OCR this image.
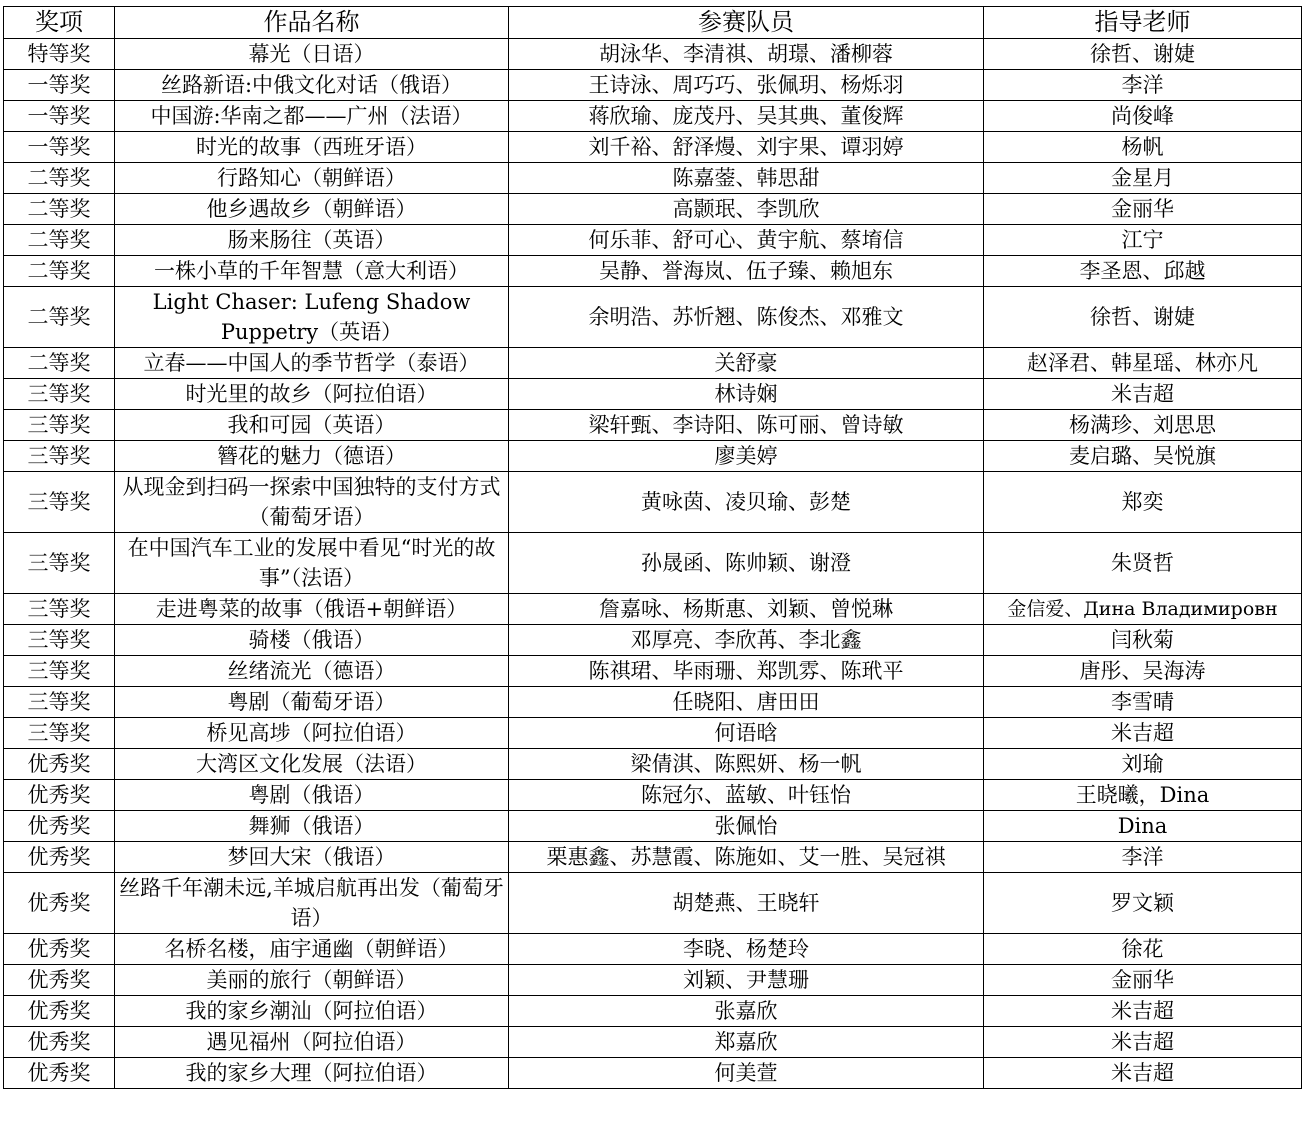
奖项	作品名称	参赛队员	指导老师
特等奖	幕光（日语）	胡泳华、李清祺、胡璟、潘柳蓉	徐哲、谢婕
一等奖	丝路新语:中俄文化对话（俄语）	王诗泳、周巧巧、张佩玥、杨烁羽	李洋
一等奖	中国游:华南之都——广州（法语）	蒋欣瑜、庞茂丹、吴其典、董俊辉	尚俊峰
一等奖	时光的故事（西班牙语）	刘千裕、舒泽熳、刘宇果、谭羽婷	杨帆
二等奖	行路知心（朝鲜语）	陈嘉蓥、韩思甜	金星月
二等奖	他乡遇故乡（朝鲜语）	高颢珉、李凯欣	金丽华
二等奖	肠来肠往（英语）	何乐菲、舒可心、黄宇航、蔡堉信	江宁
二等奖	一株小草的千年智慧（意大利语）	吴静、誉海岚、伍子臻、赖旭东	李圣恩、邱越
二等奖	Light Chaser: Lufeng Shadow Puppetry（英语）	余明浩、苏忻翘、陈俊杰、邓雅文	徐哲、谢婕
二等奖	立春——中国人的季节哲学（泰语）	关舒豪	赵泽君、韩星瑶、林亦凡
三等奖	时光里的故乡（阿拉伯语）	林诗娴	米吉超
三等奖	我和可园（英语）	梁轩甄、李诗阳、陈可丽、曾诗敏	杨满珍、刘思思
三等奖	簪花的魅力（德语）	廖美婷	麦启璐、吴悦旗
三等奖	从现金到扫码一探索中国独特的支付方式（葡萄牙语）	黄咏茵、凌贝瑜、彭楚	郑奕
三等奖	在中国汽车工业的发展中看见“时光的故事”（法语）	孙晟函、陈帅颖、谢澄	朱贤哲
三等奖	走进粤菜的故事（俄语+朝鲜语）	詹嘉咏、杨斯惠、刘颖、曾悦琳	金信爱、Дина Владимировн
三等奖	骑楼（俄语）	邓厚亮、李欣苒、李北鑫	闫秋菊
三等奖	丝绪流光（德语）	陈祺珺、毕雨珊、郑凯雰、陈玳平	唐彤、吴海涛
三等奖	粤剧（葡萄牙语）	任晓阳、唐田田	李雪晴
三等奖	桥见高埗（阿拉伯语）	何语晗	米吉超
优秀奖	大湾区文化发展（法语）	梁倩淇、陈熙妍、杨一帆	刘瑜
优秀奖	粤剧（俄语）	陈冠尔、蓝敏、叶钰怡	王晓曦，Dina
优秀奖	舞狮（俄语）	张佩怡	Dina
优秀奖	梦回大宋（俄语）	栗惠鑫、苏慧霞、陈施如、艾一胜、吴冠祺	李洋
优秀奖	丝路千年潮未远,羊城启航再出发（葡萄牙语）	胡楚燕、王晓轩	罗文颖
优秀奖	名桥名楼，庙宇通幽（朝鲜语）	李晓、杨楚玲	徐花
优秀奖	美丽的旅行（朝鲜语）	刘颖、尹慧珊	金丽华
优秀奖	我的家乡潮汕（阿拉伯语）	张嘉欣	米吉超
优秀奖	遇见福州（阿拉伯语）	郑嘉欣	米吉超
优秀奖	我的家乡大理（阿拉伯语）	何美萱	米吉超
